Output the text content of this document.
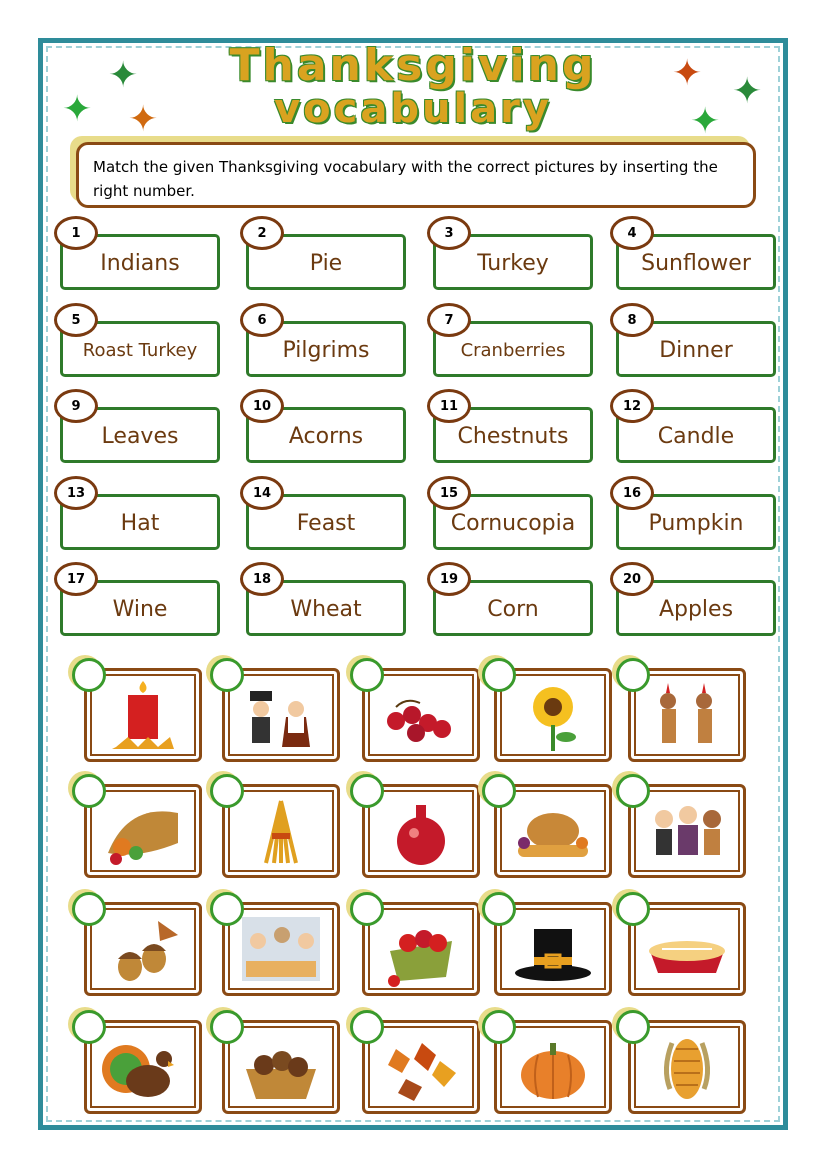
✦
✦ ✦
✦ ✦
✦
Thanksgiving
vocabulary
Match the given Thanksgiving vocabulary with the correct pictures by inserting the right number.
Indians
1
Pie
2
Turkey
3
Sunflower
4
Roast Turkey
5
Pilgrims
6
Cranberries
7
Dinner
8
Leaves
9
Acorns
10
Chestnuts
11
Candle
12
Hat
13
Feast
14
Cornucopia
15
Pumpkin
16
Wine
17
Wheat
18
Corn
19
Apples
20
